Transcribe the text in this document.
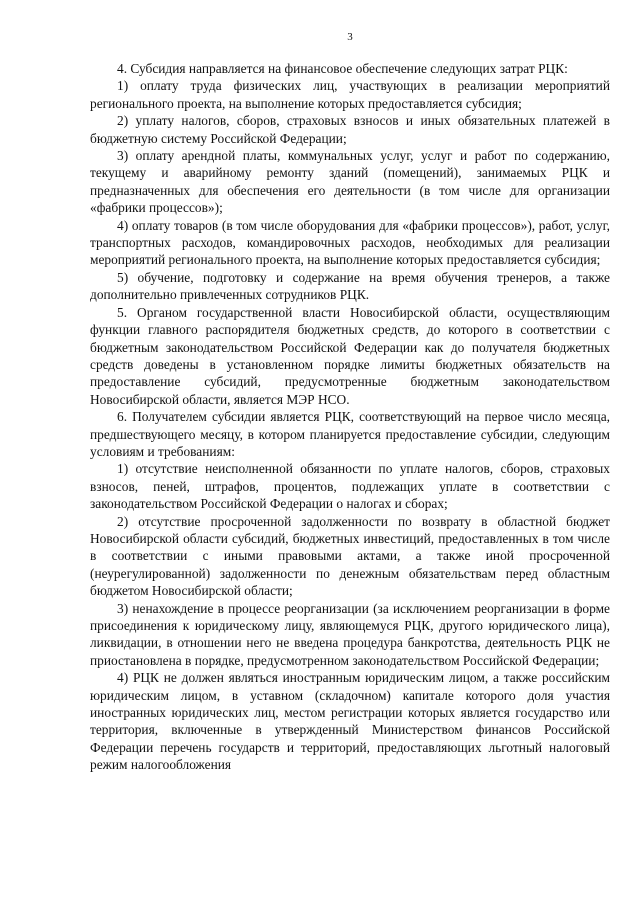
3

4. Субсидия направляется на финансовое обеспечение следующих затрат РЦК:

1) оплату труда физических лиц, участвующих в реализации мероприятий регионального проекта, на выполнение которых предоставляется субсидия;

2) уплату налогов, сборов, страховых взносов и иных обязательных платежей в бюджетную систему Российской Федерации;

3) оплату арендной платы, коммунальных услуг, услуг и работ по содержанию, текущему и аварийному ремонту зданий (помещений), занимаемых РЦК и предназначенных для обеспечения его деятельности (в том числе для организации «фабрики процессов»);

4) оплату товаров (в том числе оборудования для «фабрики процессов»), работ, услуг, транспортных расходов, командировочных расходов, необходимых для реализации мероприятий регионального проекта, на выполнение которых предоставляется субсидия;

5) обучение, подготовку и содержание на время обучения тренеров, а также дополнительно привлеченных сотрудников РЦК.

5. Органом государственной власти Новосибирской области, осуществляющим функции главного распорядителя бюджетных средств, до которого в соответствии с бюджетным законодательством Российской Федерации как до получателя бюджетных средств доведены в установленном порядке лимиты бюджетных обязательств на предоставление субсидий, предусмотренные бюджетным законодательством Новосибирской области, является МЭР НСО.

6. Получателем субсидии является РЦК, соответствующий на первое число месяца, предшествующего месяцу, в котором планируется предоставление субсидии, следующим условиям и требованиям:

1) отсутствие неисполненной обязанности по уплате налогов, сборов, страховых взносов, пеней, штрафов, процентов, подлежащих уплате в соответствии с законодательством Российской Федерации о налогах и сборах;

2) отсутствие просроченной задолженности по возврату в областной бюджет Новосибирской области субсидий, бюджетных инвестиций, предоставленных в том числе в соответствии с иными правовыми актами, а также иной просроченной (неурегулированной) задолженности по денежным обязательствам перед областным бюджетом Новосибирской области;

3) ненахождение в процессе реорганизации (за исключением реорганизации в форме присоединения к юридическому лицу, являющемуся РЦК, другого юридического лица), ликвидации, в отношении него не введена процедура банкротства, деятельность РЦК не приостановлена в порядке, предусмотренном законодательством Российской Федерации;

4) РЦК не должен являться иностранным юридическим лицом, а также российским юридическим лицом, в уставном (складочном) капитале которого доля участия иностранных юридических лиц, местом регистрации которых является государство или территория, включенные в утвержденный Министерством финансов Российской Федерации перечень государств и территорий, предоставляющих льготный налоговый режим налогообложения
